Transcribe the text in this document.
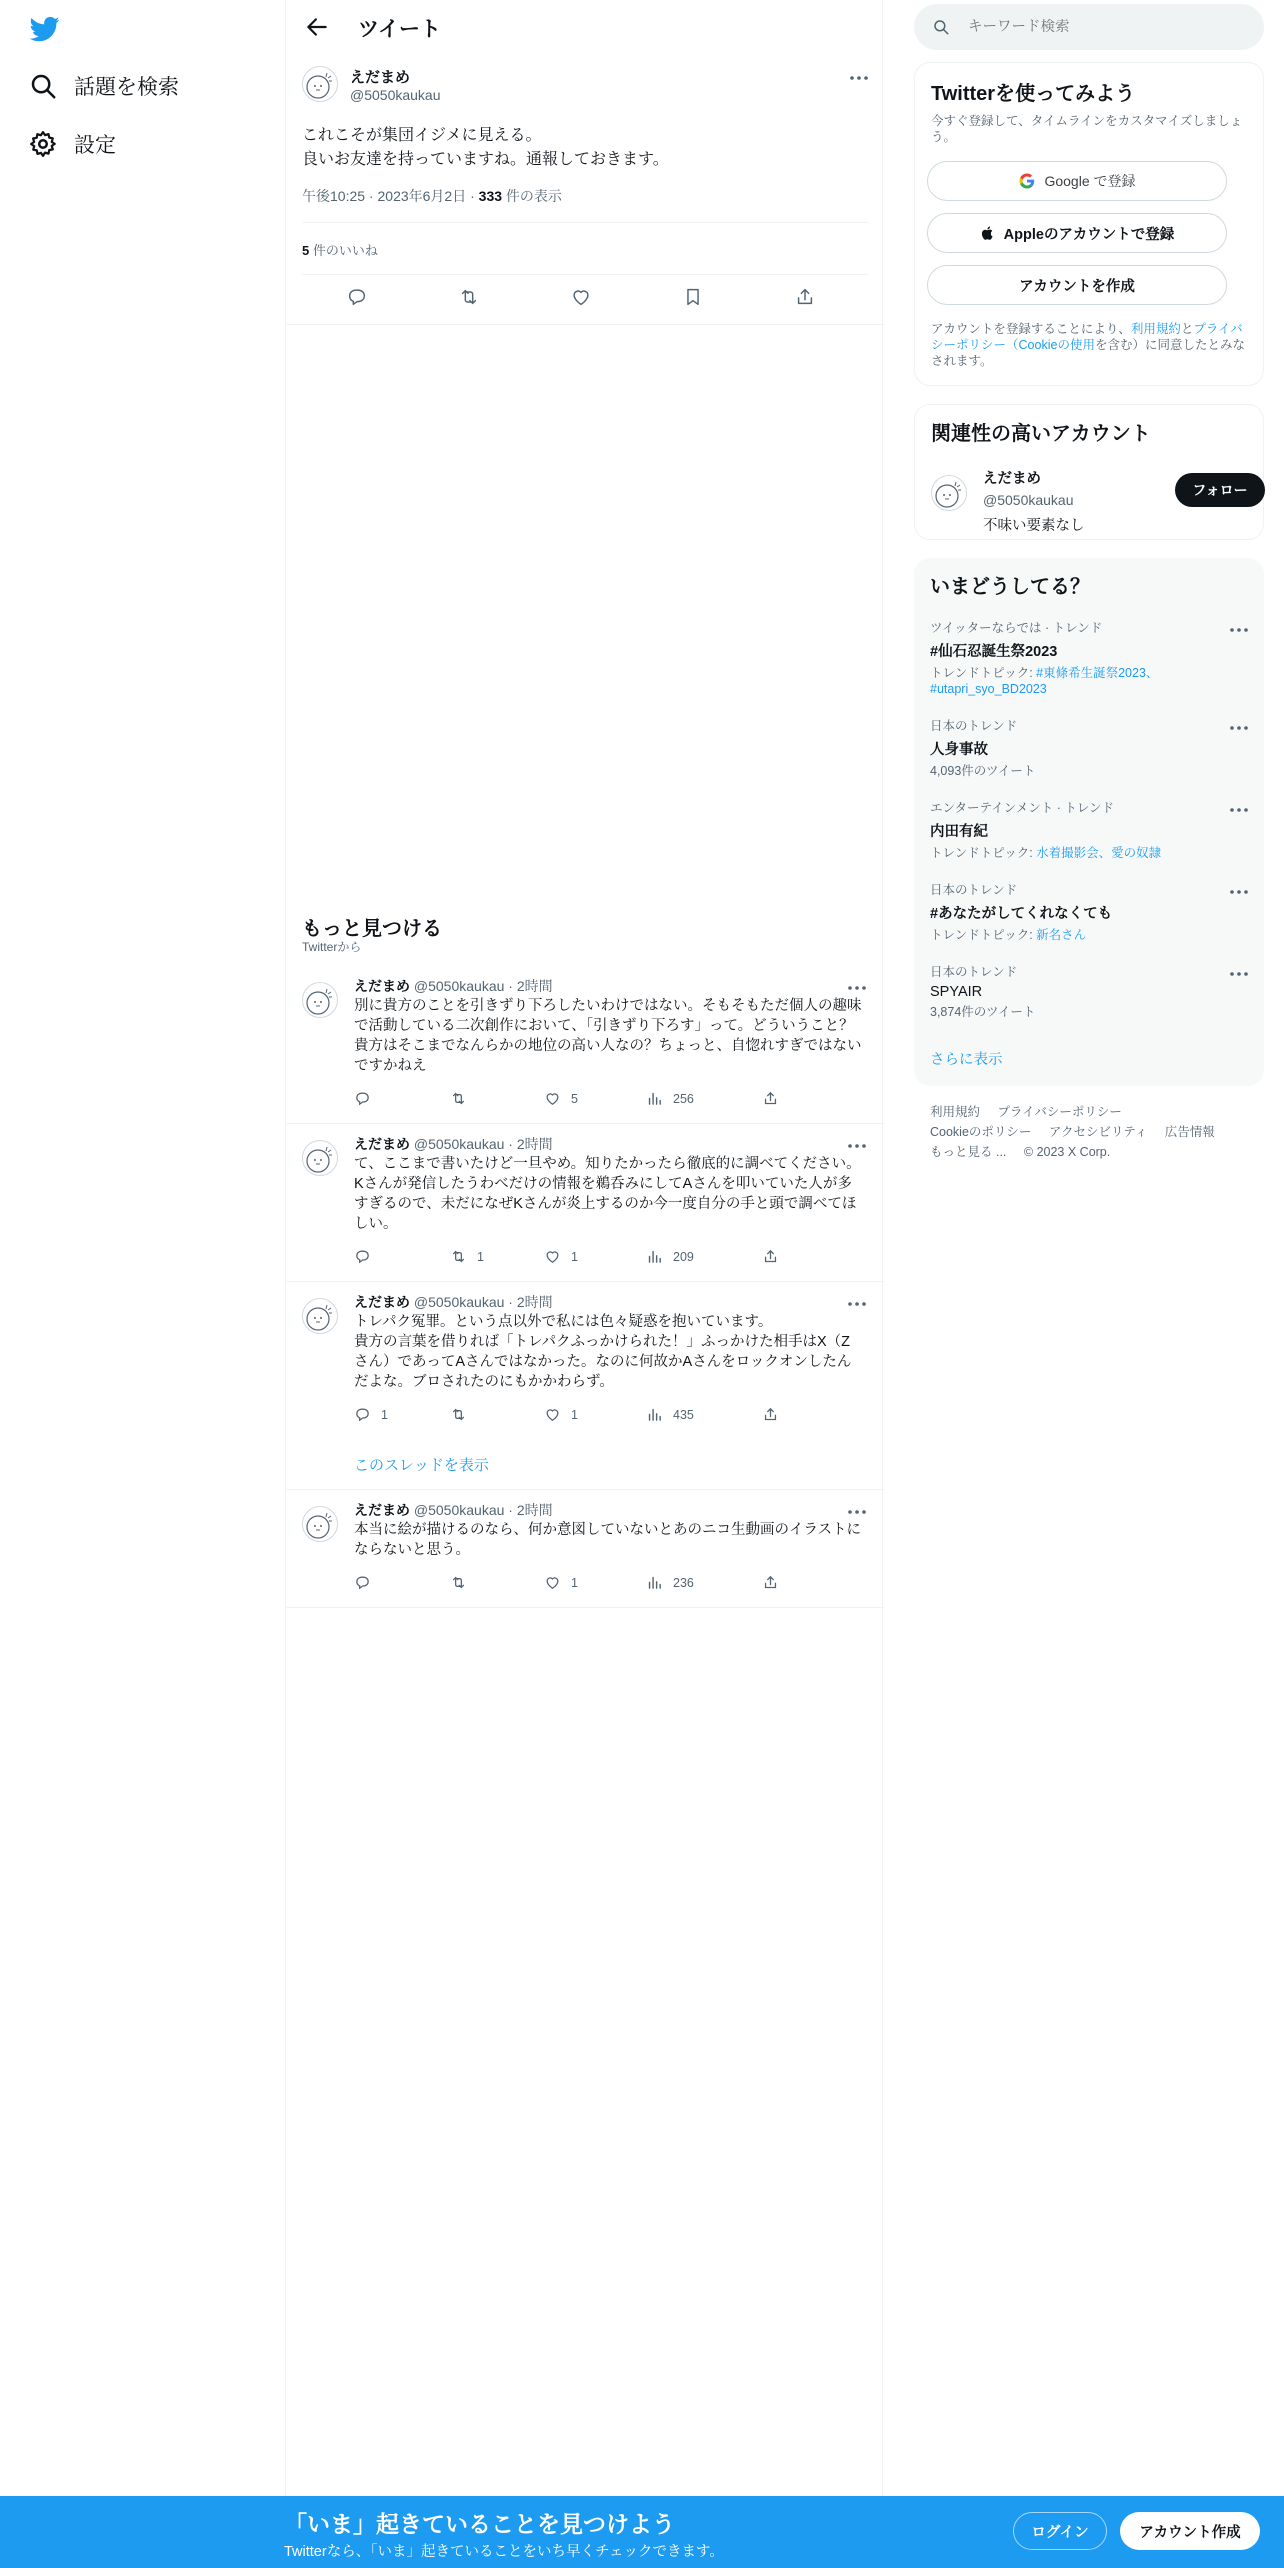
話題を検索
設定
ツイート
えだまめ
@5050kaukau
これこそが集団イジメに見える。
良いお友達を持っていますね。通報しておきます。
午後10:25 · 2023年6月2日 · 333 件の表示
5 件のいいね
もっと見つける
Twitterから
えだまめ @5050kaukau · 2時間
別に貴方のことを引きずり下ろしたいわけではない。そもそもただ個人の趣味で活動している二次創作において、「引きずり下ろす」って。どういうこと？貴方はそこまでなんらかの地位の高い人なの？ちょっと、自惚れすぎではないですかねえ
5	256
えだまめ @5050kaukau · 2時間
て、ここまで書いたけど一旦やめ。知りたかったら徹底的に調べてください。Kさんが発信したうわべだけの情報を鵜呑みにしてAさんを叩いていた人が多すぎるので、未だになぜKさんが炎上するのか今一度自分の手と頭で調べてほしい。
1	1	209
えだまめ @5050kaukau · 2時間
トレパク冤罪。という点以外で私には色々疑惑を抱いています。
貴方の言葉を借りれば「トレパクふっかけられた！」ふっかけた相手はX（Zさん）であってAさんではなかった。なのに何故かAさんをロックオンしたんだよな。ブロされたのにもかかわらず。
1	1	435
このスレッドを表示
えだまめ @5050kaukau · 2時間
本当に絵が描けるのなら、何か意図していないとあのニコ生動画のイラストにならないと思う。
1	236
キーワード検索
Twitterを使ってみよう
今すぐ登録して、タイムラインをカスタマイズしましょう。
Google で登録
Appleのアカウントで登録
アカウントを作成
アカウントを登録することにより、利用規約とプライバシーポリシー（Cookieの使用を含む）に同意したとみなされます。
関連性の高いアカウント
えだまめ
@5050kaukau
不味い要素なし
フォロー
いまどうしてる？
ツイッターならでは · トレンド
#仙石忍誕生祭2023
トレンドトピック: #東條希生誕祭2023、#utapri_syo_BD2023
日本のトレンド
人身事故
4,093件のツイート
エンターテインメント · トレンド
内田有紀
トレンドトピック: 水着撮影会、愛の奴隷
日本のトレンド
#あなたがしてくれなくても
トレンドトピック: 新名さん
日本のトレンド
SPYAIR
3,874件のツイート
さらに表示
利用規約 プライバシーポリシー
Cookieのポリシー アクセシビリティ 広告情報
もっと見る ... © 2023 X Corp.
「いま」起きていることを見つけよう
Twitterなら、「いま」起きていることをいち早くチェックできます。
ログイン	アカウント作成
